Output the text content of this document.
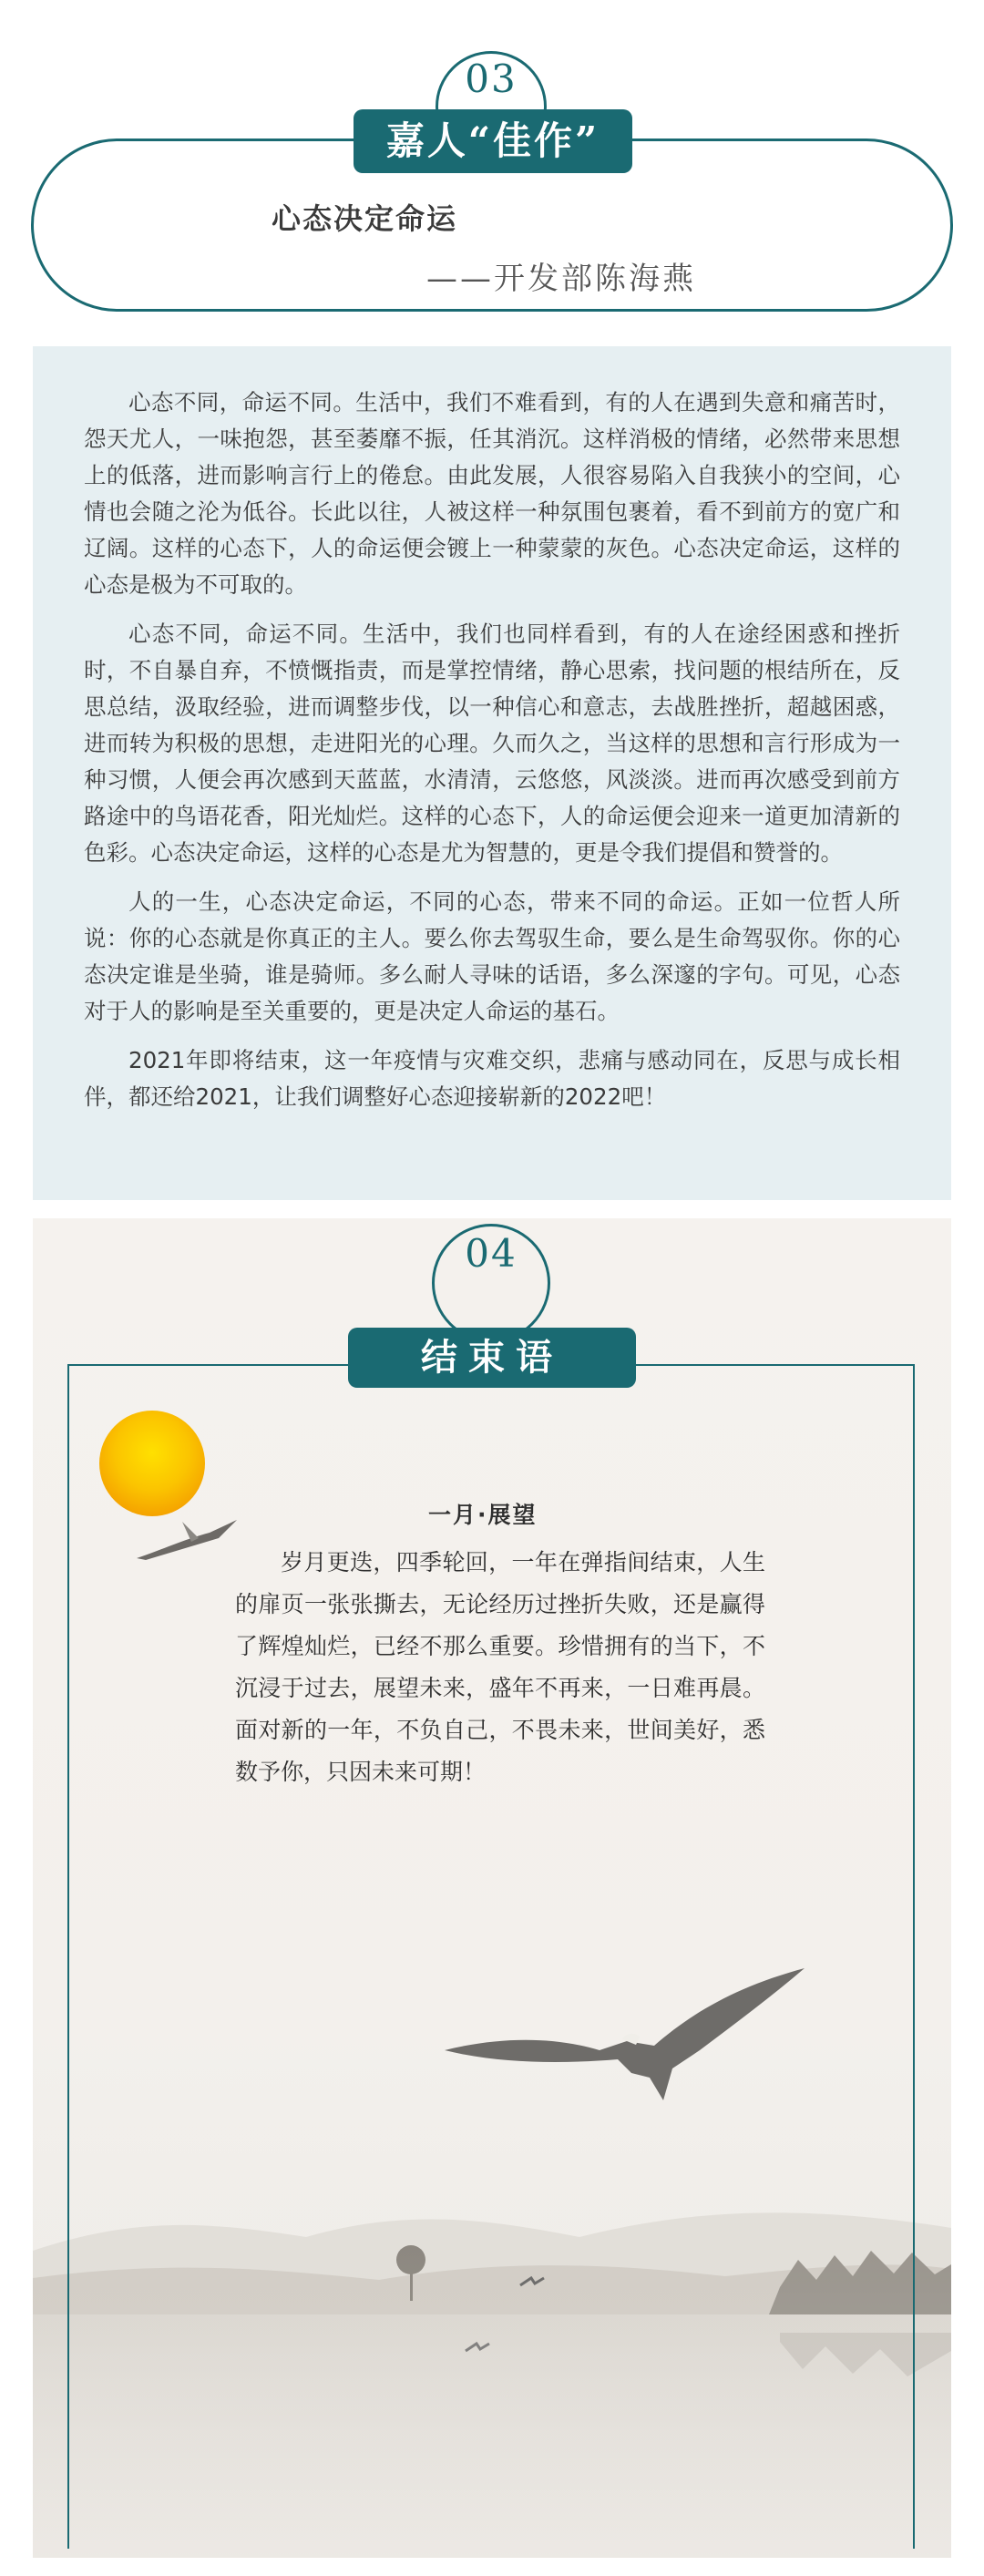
03
嘉人“佳作”
心态决定命运
——开发部陈海燕

心态不同，命运不同。生活中，我们不难看到，有的人在遇到失意和痛苦时，怨天尤人，一味抱怨，甚至萎靡不振，任其消沉。这样消极的情绪，必然带来思想上的低落，进而影响言行上的倦怠。由此发展，人很容易陷入自我狭小的空间，心情也会随之沦为低谷。长此以往，人被这样一种氛围包裹着，看不到前方的宽广和辽阔。这样的心态下，人的命运便会镀上一种蒙蒙的灰色。心态决定命运，这样的心态是极为不可取的。

心态不同，命运不同。生活中，我们也同样看到，有的人在途经困惑和挫折时，不自暴自弃，不愤慨指责，而是掌控情绪，静心思索，找问题的根结所在，反思总结，汲取经验，进而调整步伐，以一种信心和意志，去战胜挫折，超越困惑，进而转为积极的思想，走进阳光的心理。久而久之，当这样的思想和言行形成为一种习惯，人便会再次感到天蓝蓝，水清清，云悠悠，风淡淡。进而再次感受到前方路途中的鸟语花香，阳光灿烂。这样的心态下，人的命运便会迎来一道更加清新的色彩。心态决定命运，这样的心态是尤为智慧的，更是令我们提倡和赞誉的。

人的一生，心态决定命运，不同的心态，带来不同的命运。正如一位哲人所说：你的心态就是你真正的主人。要么你去驾驭生命，要么是生命驾驭你。你的心态决定谁是坐骑，谁是骑师。多么耐人寻味的话语，多么深邃的字句。可见，心态对于人的影响是至关重要的，更是决定人命运的基石。

2021年即将结束，这一年疫情与灾难交织，悲痛与感动同在，反思与成长相伴，都还给2021，让我们调整好心态迎接崭新的2022吧！

04
结束语
一月·展望

岁月更迭，四季轮回，一年在弹指间结束，人生的扉页一张张撕去，无论经历过挫折失败，还是赢得了辉煌灿烂，已经不那么重要。珍惜拥有的当下，不沉浸于过去，展望未来，盛年不再来，一日难再晨。面对新的一年，不负自己，不畏未来，世间美好，悉数予你，只因未来可期！
